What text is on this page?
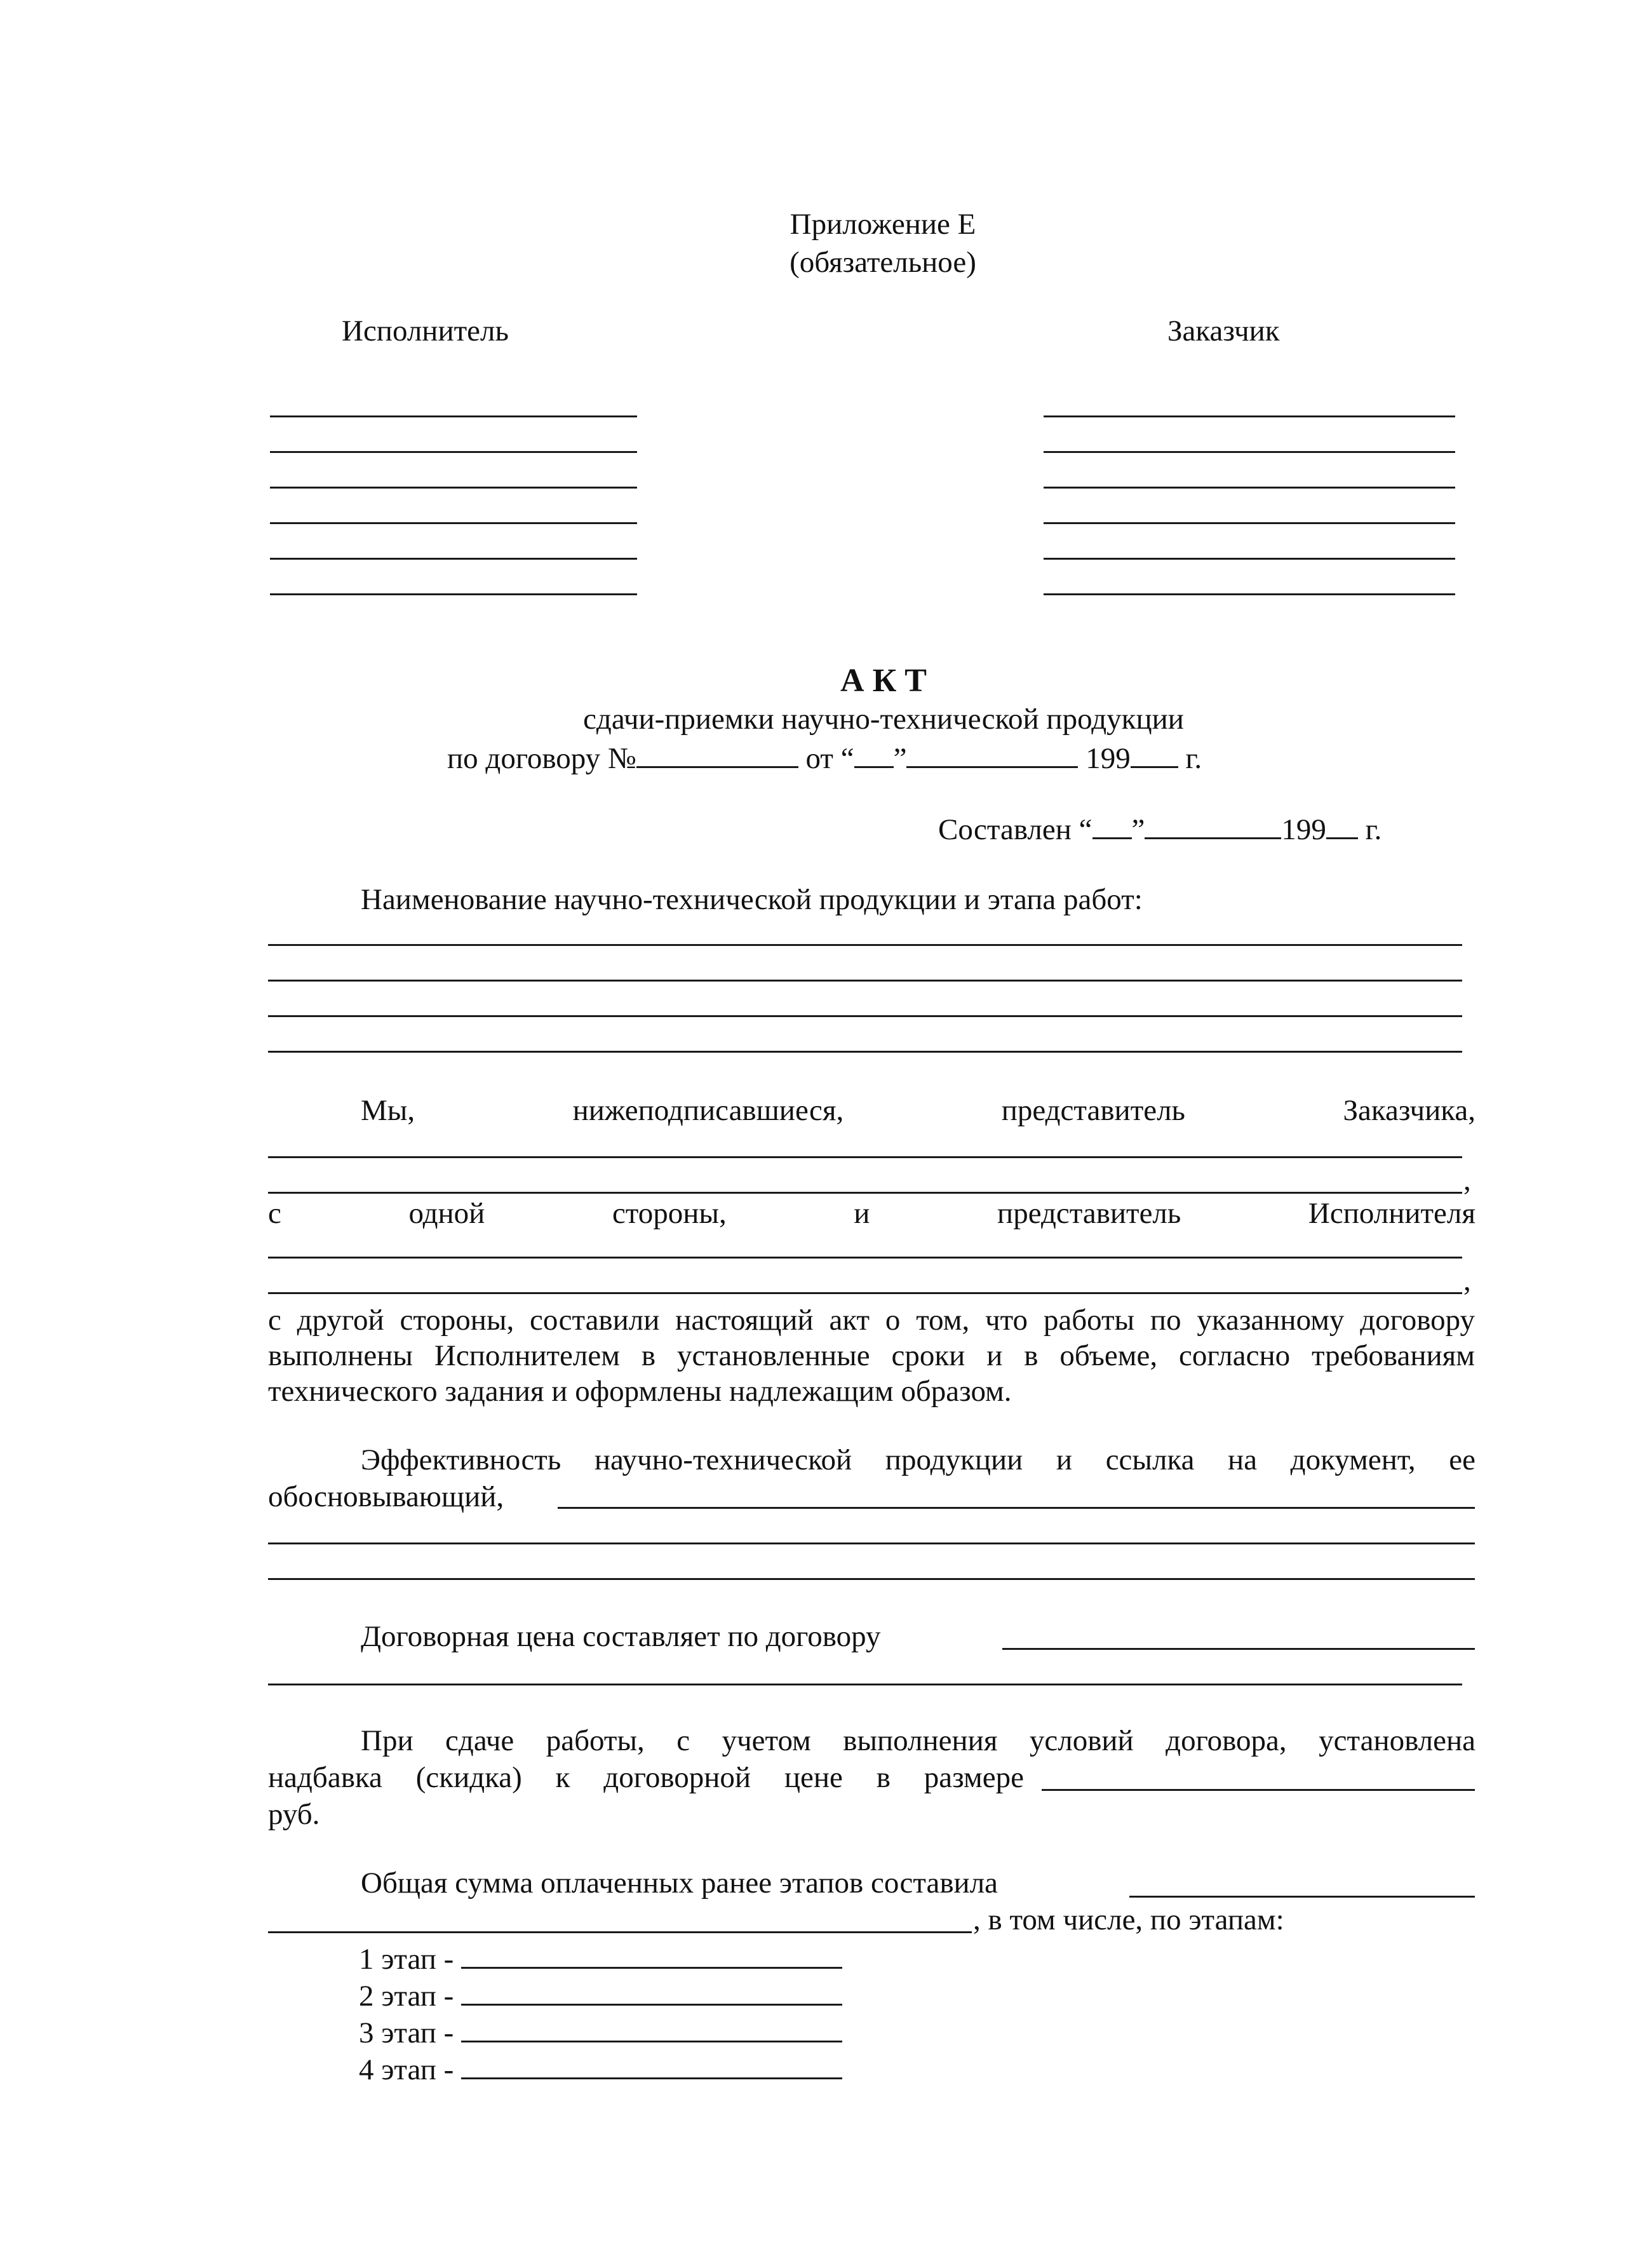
Приложение Е
(обязательное)
Исполнитель	Заказчик
А К Т
сдачи-приемки научно-технической продукции
по договору №	от “ ”	199 г.
Составлен “ ”	199 г.
Наименование научно-технической продукции и этапа работ:
Мы,	нижеподписавшиеся,	представитель	Заказчика,
,
с	одной	стороны,	и	представитель	Исполнителя
,
с другой стороны, составили настоящий акт о том, что работы по указанному договору выполнены Исполнителем в установленные сроки и в объеме, согласно требованиям технического задания и оформлены надлежащим образом.
Эффективность научно-технической продукции и ссылка на документ, ее
обосновывающий,
Договорная цена составляет по договору
При сдаче работы, с учетом выполнения условий договора, установлена
надбавка (скидка) к договорной цене в размере
руб.
Общая сумма оплаченных ранее этапов составила
, в том числе, по этапам:
1 этап -
2 этап -
3 этап -
4 этап -
